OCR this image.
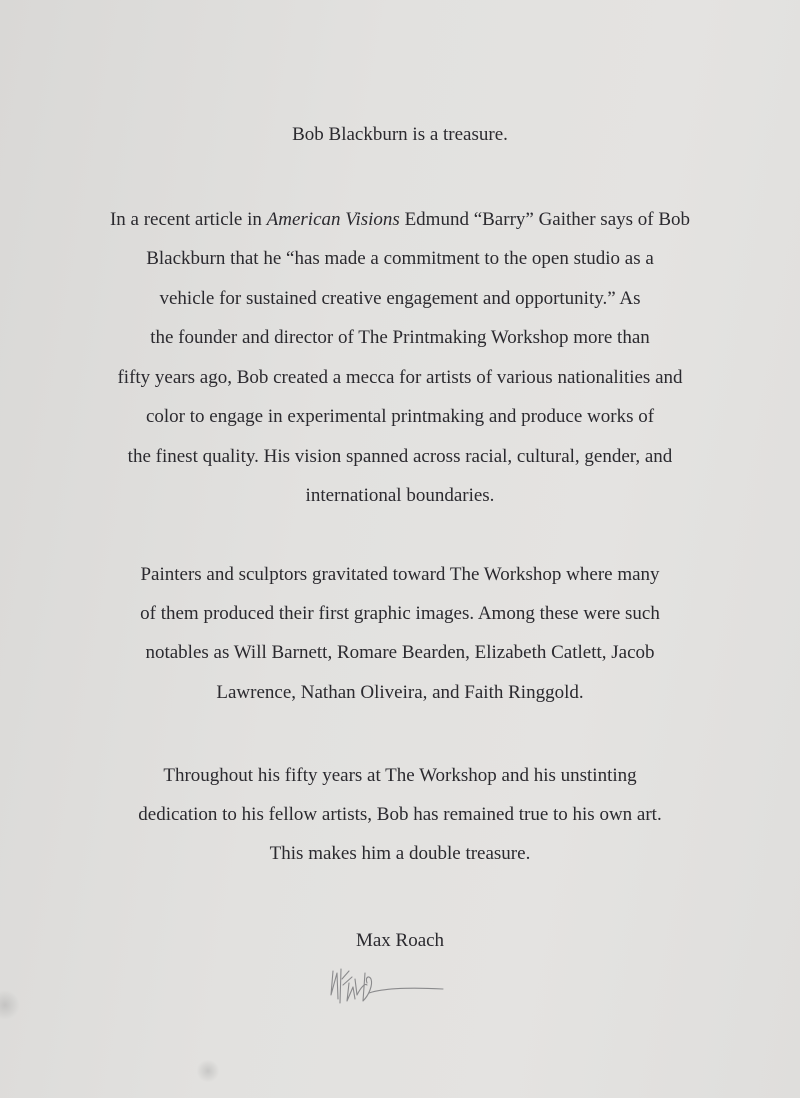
Bob Blackburn is a treasure.
In a recent article in American Visions Edmund “Barry” Gaither says of Bob
Blackburn that he “has made a commitment to the open studio as a
vehicle for sustained creative engagement and opportunity.” As
the founder and director of The Printmaking Workshop more than
fifty years ago, Bob created a mecca for artists of various nationalities and
color to engage in experimental printmaking and produce works of
the finest quality. His vision spanned across racial, cultural, gender, and
international boundaries.
Painters and sculptors gravitated toward The Workshop where many
of them produced their first graphic images. Among these were such
notables as Will Barnett, Romare Bearden, Elizabeth Catlett, Jacob
Lawrence, Nathan Oliveira, and Faith Ringgold.
Throughout his fifty years at The Workshop and his unstinting
dedication to his fellow artists, Bob has remained true to his own art.
This makes him a double treasure.
Max Roach
